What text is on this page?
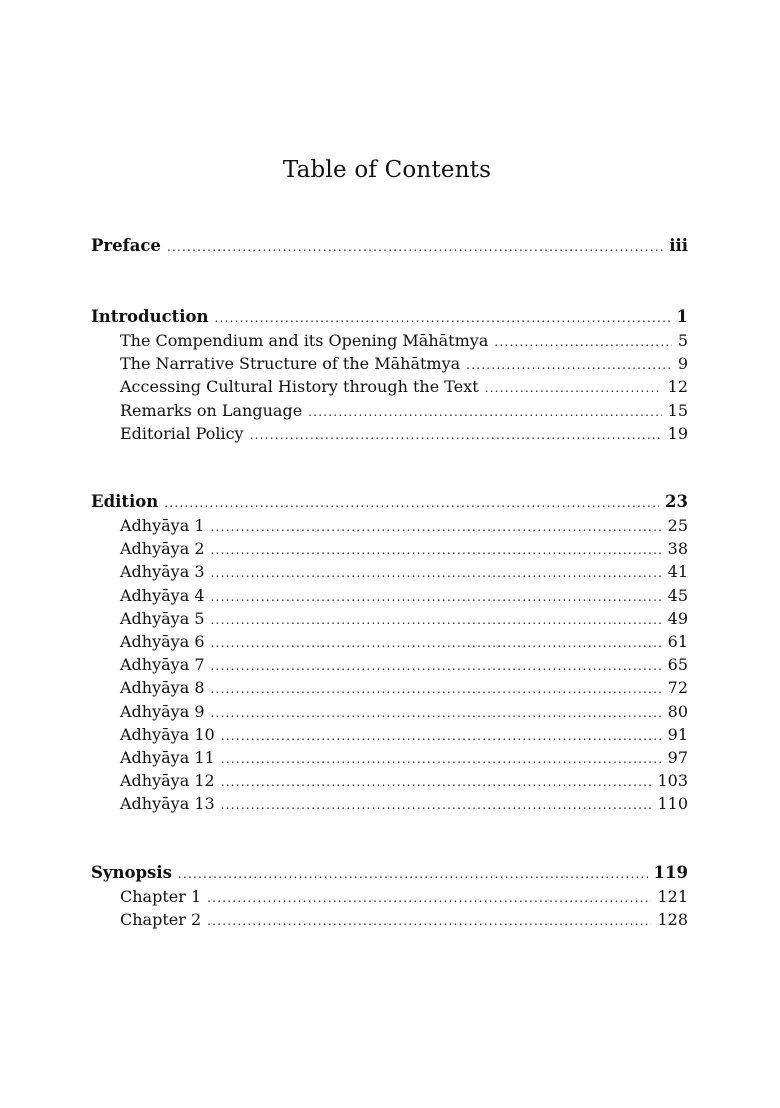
Table of Contents
Preface . . .	iii
Introduction . . .	1
The Compendium and its Opening Māhātmya . . .	5
The Narrative Structure of the Māhātmya . . .	9
Accessing Cultural History through the Text . . .	12
Remarks on Language . . .	15
Editorial Policy . . .	19
Edition . . .	23
Adhyāya 1 . . .	25
Adhyāya 2 . . .	38
Adhyāya 3 . . .	41
Adhyāya 4 . . .	45
Adhyāya 5 . . .	49
Adhyāya 6 . . .	61
Adhyāya 7 . . .	65
Adhyāya 8 . . .	72
Adhyāya 9 . . .	80
Adhyāya 10 . . .	91
Adhyāya 11 . . .	97
Adhyāya 12 . . .	103
Adhyāya 13 . . .	110
Synopsis . . .	119
Chapter 1 . . .	121
Chapter 2 . . .	128
